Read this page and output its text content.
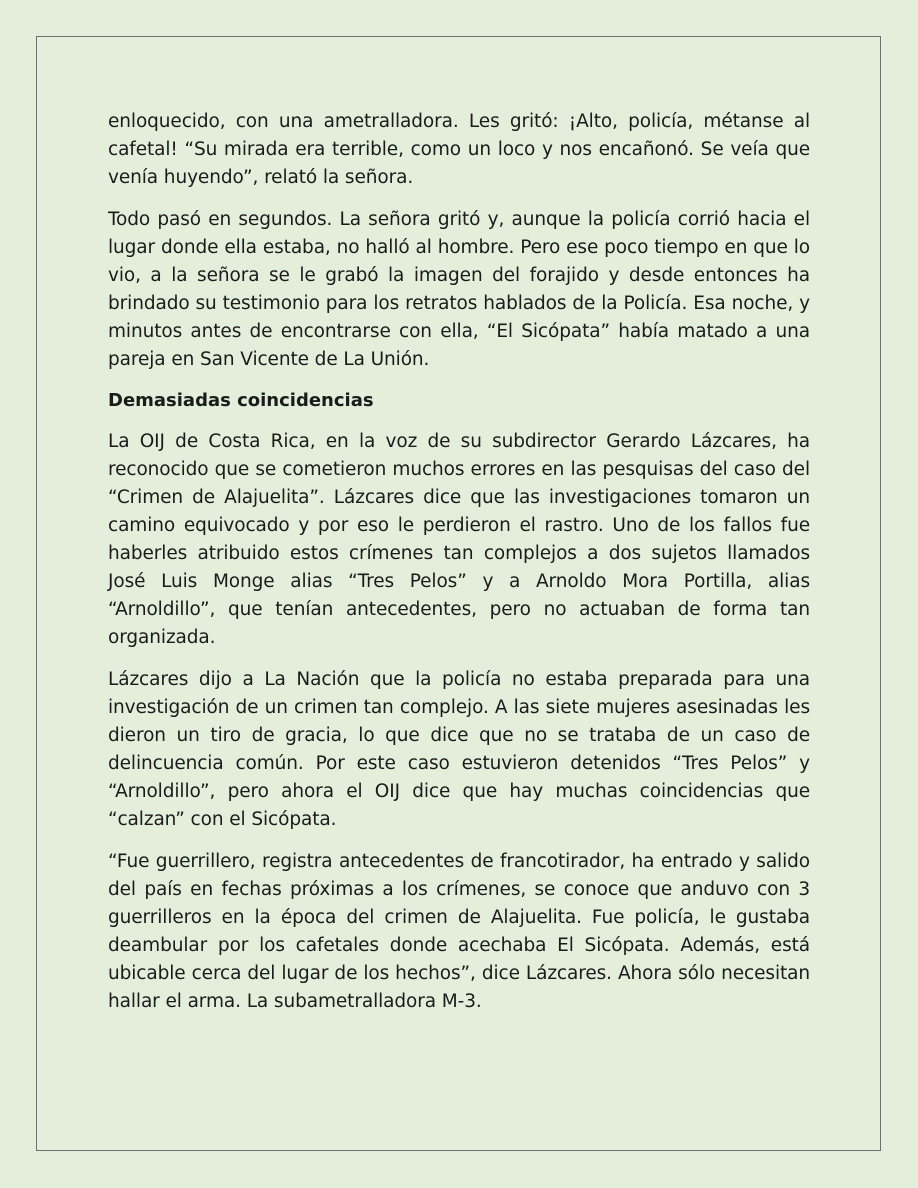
enloquecido, con una ametralladora. Les gritó: ¡Alto, policía, métanse al cafetal! “Su mirada era terrible, como un loco y nos encañonó. Se veía que venía huyendo”, relató la señora.

Todo pasó en segundos. La señora gritó y, aunque la policía corrió hacia el lugar donde ella estaba, no halló al hombre. Pero ese poco tiempo en que lo vio, a la señora se le grabó la imagen del forajido y desde entonces ha brindado su testimonio para los retratos hablados de la Policía. Esa noche, y minutos antes de encontrarse con ella, “El Sicópata” había matado a una pareja en San Vicente de La Unión.

Demasiadas coincidencias

La OIJ de Costa Rica, en la voz de su subdirector Gerardo Lázcares, ha reconocido que se cometieron muchos errores en las pesquisas del caso del “Crimen de Alajuelita”. Lázcares dice que las investigaciones tomaron un camino equivocado y por eso le perdieron el rastro. Uno de los fallos fue haberles atribuido estos crímenes tan complejos a dos sujetos llamados José Luis Monge alias “Tres Pelos” y a Arnoldo Mora Portilla, alias “Arnoldillo”, que tenían antecedentes, pero no actuaban de forma tan organizada.

Lázcares dijo a La Nación que la policía no estaba preparada para una investigación de un crimen tan complejo. A las siete mujeres asesinadas les dieron un tiro de gracia, lo que dice que no se trataba de un caso de delincuencia común. Por este caso estuvieron detenidos “Tres Pelos” y “Arnoldillo”, pero ahora el OIJ dice que hay muchas coincidencias que “calzan” con el Sicópata.

“Fue guerrillero, registra antecedentes de francotirador, ha entrado y salido del país en fechas próximas a los crímenes, se conoce que anduvo con 3 guerrilleros en la época del crimen de Alajuelita. Fue policía, le gustaba deambular por los cafetales donde acechaba El Sicópata. Además, está ubicable cerca del lugar de los hechos”, dice Lázcares. Ahora sólo necesitan hallar el arma. La subametralladora M-3.
